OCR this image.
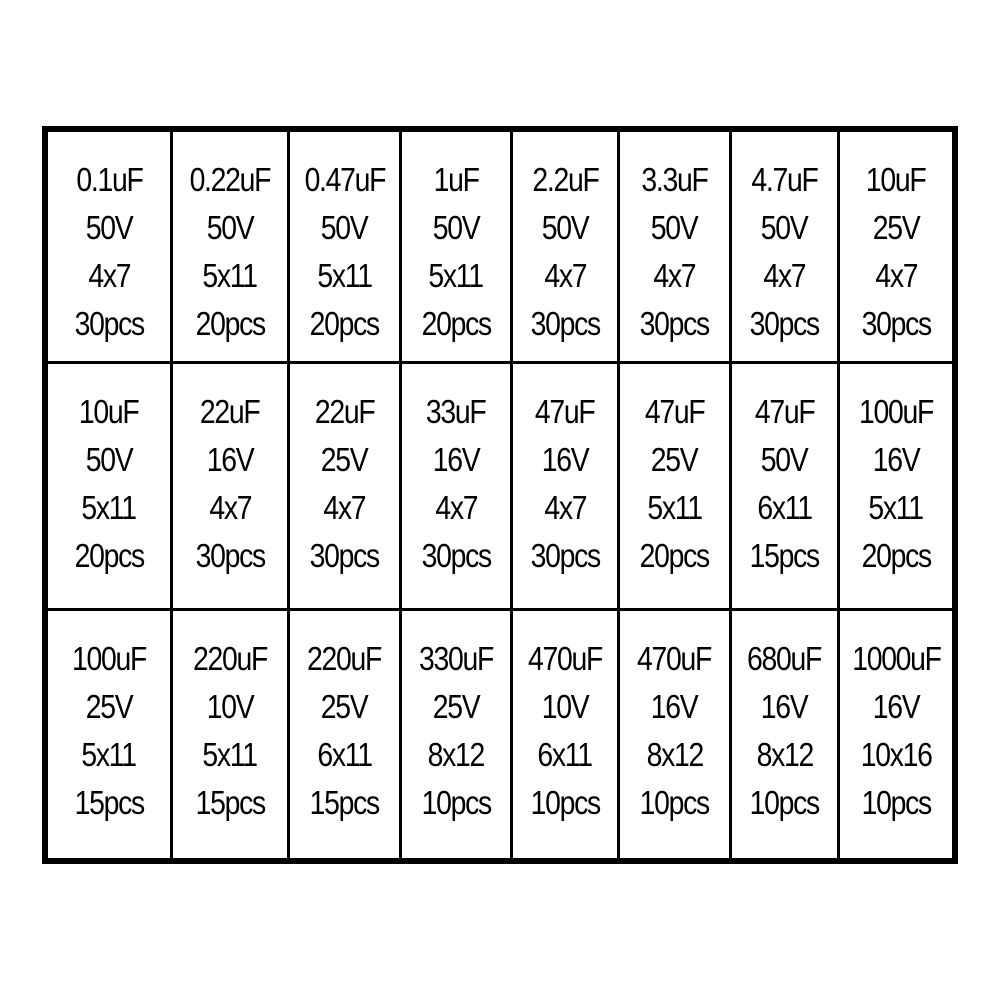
0.1uF
50V
4x7
30pcs
0.22uF
50V
5x11
20pcs
0.47uF
50V
5x11
20pcs
1uF
50V
5x11
20pcs
2.2uF
50V
4x7
30pcs
3.3uF
50V
4x7
30pcs
4.7uF
50V
4x7
30pcs
10uF
25V
4x7
30pcs
10uF
50V
5x11
20pcs
22uF
16V
4x7
30pcs
22uF
25V
4x7
30pcs
33uF
16V
4x7
30pcs
47uF
16V
4x7
30pcs
47uF
25V
5x11
20pcs
47uF
50V
6x11
15pcs
100uF
16V
5x11
20pcs
100uF
25V
5x11
15pcs
220uF
10V
5x11
15pcs
220uF
25V
6x11
15pcs
330uF
25V
8x12
10pcs
470uF
10V
6x11
10pcs
470uF
16V
8x12
10pcs
680uF
16V
8x12
10pcs
1000uF
16V
10x16
10pcs
